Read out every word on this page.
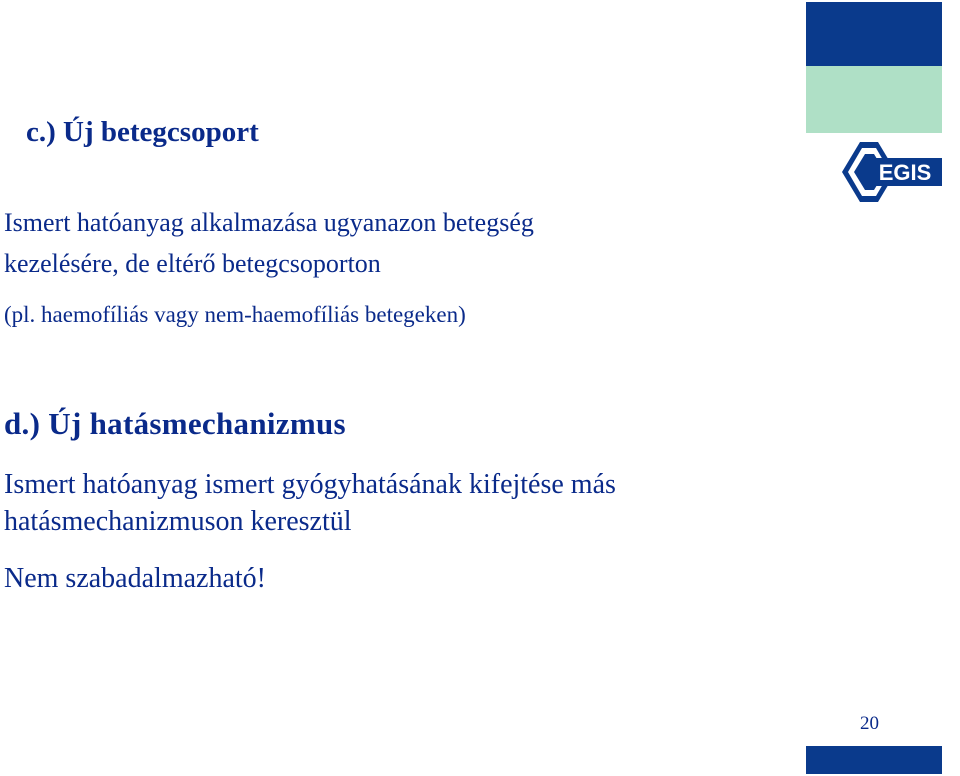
EGIS
c.) Új betegcsoport
Ismert hatóanyag alkalmazása ugyanazon betegség
kezelésére, de eltérő betegcsoporton
(pl. haemofíliás vagy nem-haemofíliás betegeken)
d.) Új hatásmechanizmus
Ismert hatóanyag ismert gyógyhatásának kifejtése más
hatásmechanizmuson keresztül
Nem szabadalmazható!
20
